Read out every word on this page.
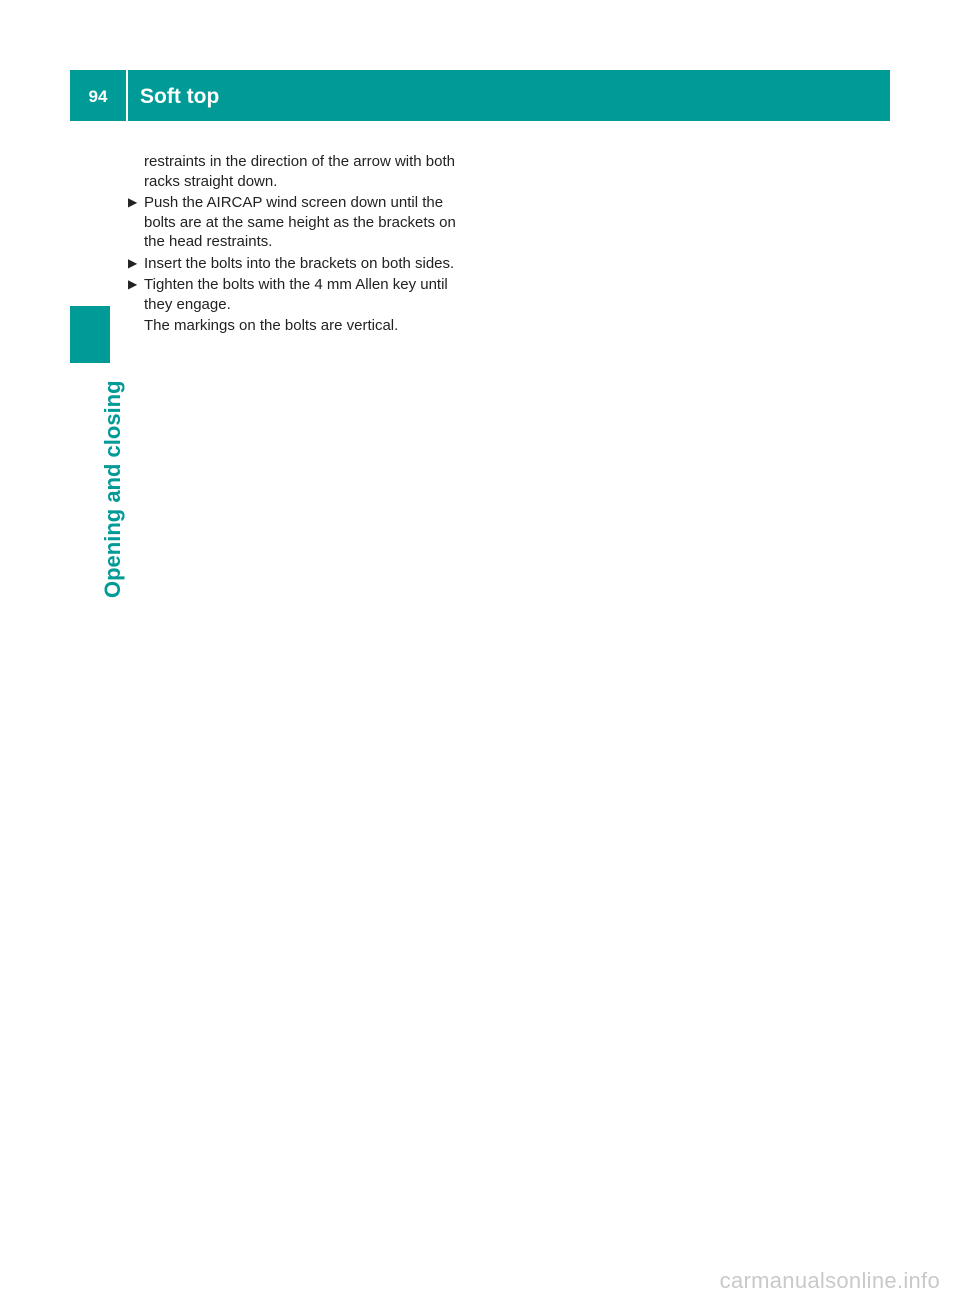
94	Soft top
Opening and closing

restraints in the direction of the arrow with both racks straight down.

▶ Push the AIRCAP wind screen down until the bolts are at the same height as the brackets on the head restraints.
▶ Insert the bolts into the brackets on both sides.
▶ Tighten the bolts with the 4 mm Allen key until they engage.

The markings on the bolts are vertical.

carmanualsonline.info
